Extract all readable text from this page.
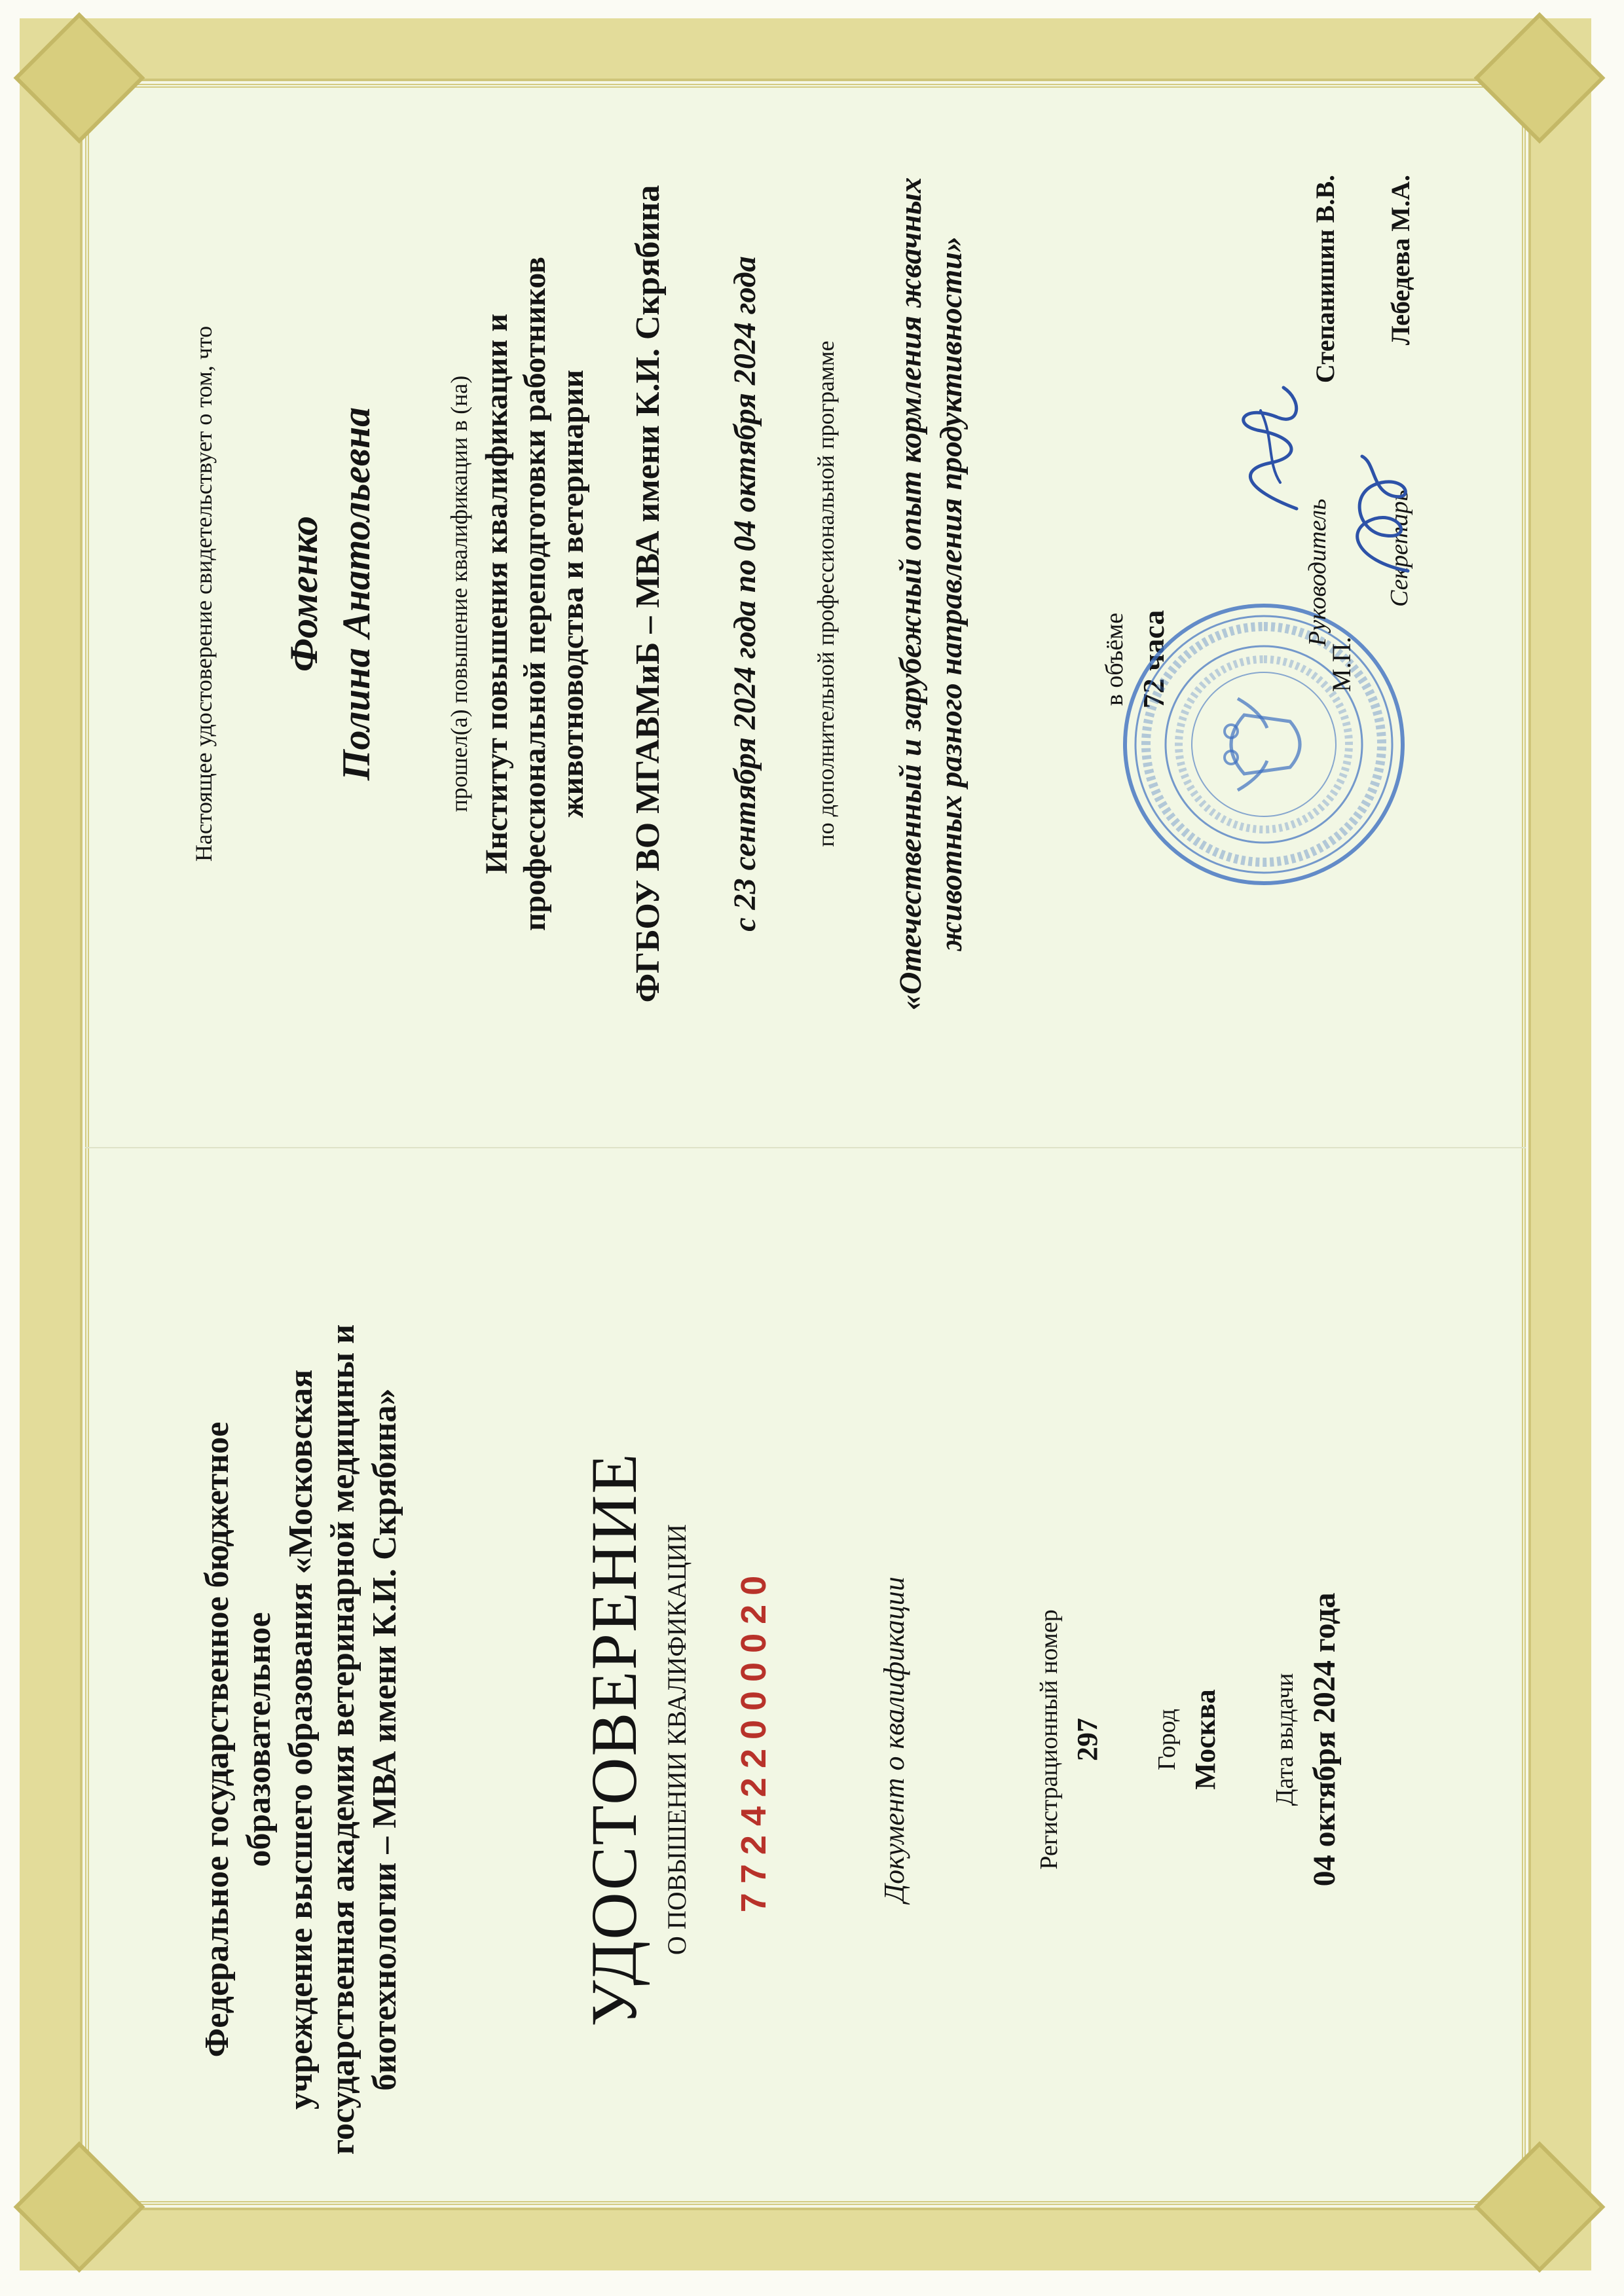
Федеральное государственное бюджетное образовательное учреждение высшего образования «Московская государственная академия ветеринарной медицины и биотехнологии – МВА имени К.И. Скрябина»	УДОСТОВЕРЕНИЕ О ПОВЫШЕНИИ КВАЛИФИКАЦИИ 772422000020	Документ о квалификации	Регистрационный номер 297 Город Москва Дата выдачи 04 октября 2024 года
Настоящее удостоверение свидетельствует о том, что Фоменко Полина Анатольевна	прошел(а) повышение квалификации в (на) Институт повышения квалификации и профессиональной переподготовки работников животноводства и ветеринарии ФГБОУ ВО МГАВМиБ – МВА имени К.И. Скрябина с 23 сентября 2024 года по 04 октября 2024 года по дополнительной профессиональной программе «Отечественный и зарубежный опыт кормления жвачных животных разного направления продуктивности»	в объёме 72 часа	М.П.
Руководитель
Степанишин В.В.
Секретарь
Лебедева М.А.
